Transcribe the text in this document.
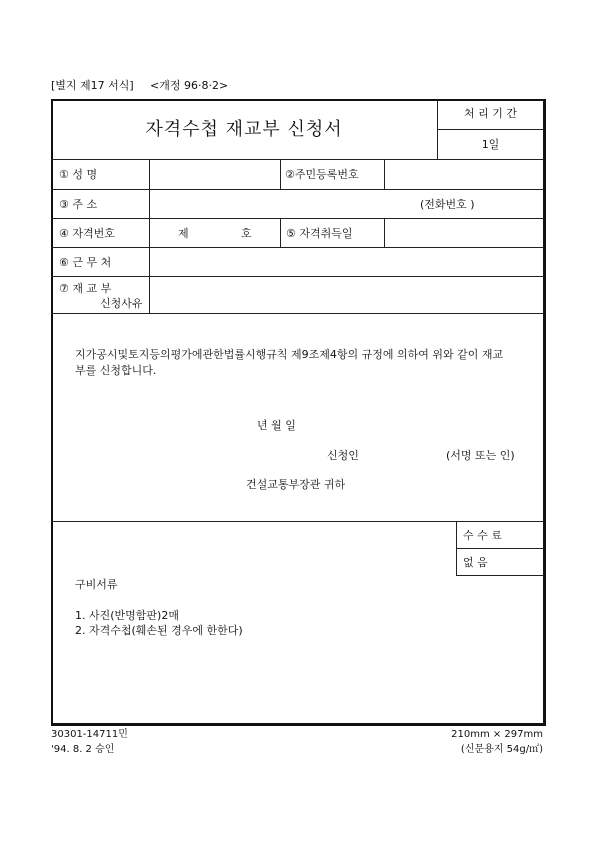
[별지 제17 서식] <개정 96·8·2>
자격수첩 재교부 신청서
처 리 기 간
1일
① 성 명	②주민등록번호
③ 주 소	(전화번호 )
④ 자격번호	제	호	⑤ 자격취득일
⑥ 근 무 처
⑦ 재 교 부
신청사유
지가공시및토지등의평가에관한법률시행규칙 제9조제4항의 규정에 의하여 위와 같이 재교
부를 신청합니다.
년 월 일
신청인	(서명 또는 인)
건설교통부장관 귀하
수 수 료
없 음
구비서류
1. 사진(반명함판)2매
2. 자격수첩(훼손된 경우에 한한다)
30301-14711민
'94. 8. 2 승인
210mm × 297mm
(신문용지 54g/㎡)
